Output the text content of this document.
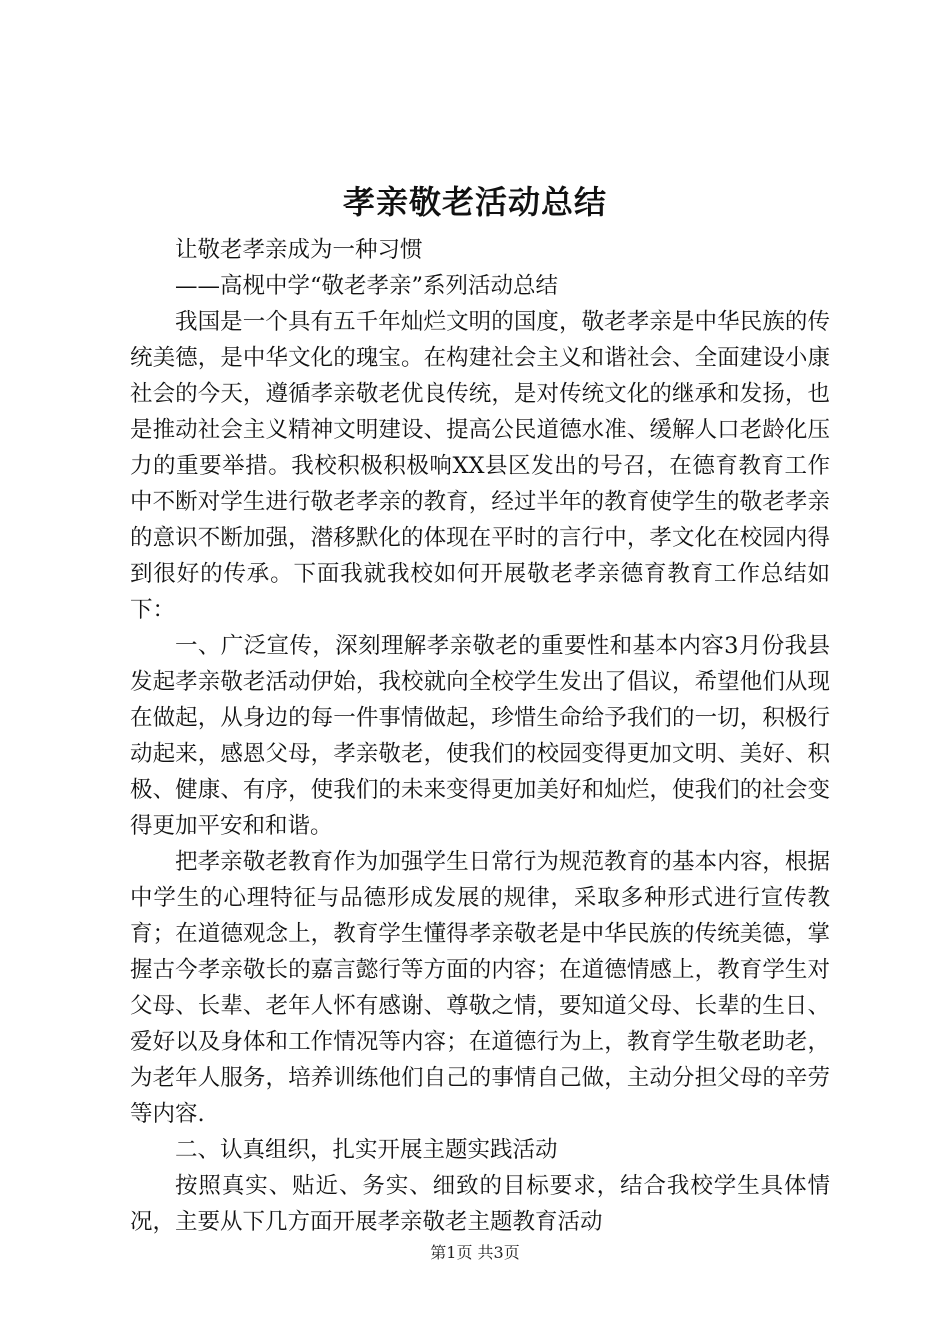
孝亲敬老活动总结

让敬老孝亲成为一种习惯

——高枧中学“敬老孝亲”系列活动总结

我国是一个具有五千年灿烂文明的国度，敬老孝亲是中华民族的传统美德，是中华文化的瑰宝。在构建社会主义和谐社会、全面建设小康社会的今天，遵循孝亲敬老优良传统，是对传统文化的继承和发扬，也是推动社会主义精神文明建设、提高公民道德水准、缓解人口老龄化压力的重要举措。我校积极积极响XX县区发出的号召，在德育教育工作中不断对学生进行敬老孝亲的教育，经过半年的教育使学生的敬老孝亲的意识不断加强，潜移默化的体现在平时的言行中，孝文化在校园内得到很好的传承。下面我就我校如何开展敬老孝亲德育教育工作总结如下：

一、广泛宣传，深刻理解孝亲敬老的重要性和基本内容3月份我县发起孝亲敬老活动伊始，我校就向全校学生发出了倡议，希望他们从现在做起，从身边的每一件事情做起，珍惜生命给予我们的一切，积极行动起来，感恩父母，孝亲敬老，使我们的校园变得更加文明、美好、积极、健康、有序，使我们的未来变得更加美好和灿烂，使我们的社会变得更加平安和和谐。

把孝亲敬老教育作为加强学生日常行为规范教育的基本内容，根据中学生的心理特征与品德形成发展的规律，采取多种形式进行宣传教育；在道德观念上，教育学生懂得孝亲敬老是中华民族的传统美德，掌握古今孝亲敬长的嘉言懿行等方面的内容；在道德情感上，教育学生对父母、长辈、老年人怀有感谢、尊敬之情，要知道父母、长辈的生日、爱好以及身体和工作情况等内容；在道德行为上，教育学生敬老助老，为老年人服务，培养训练他们自己的事情自己做，主动分担父母的辛劳等内容.

二、认真组织，扎实开展主题实践活动

按照真实、贴近、务实、细致的目标要求，结合我校学生具体情况，主要从下几方面开展孝亲敬老主题教育活动

第1页 共3页
